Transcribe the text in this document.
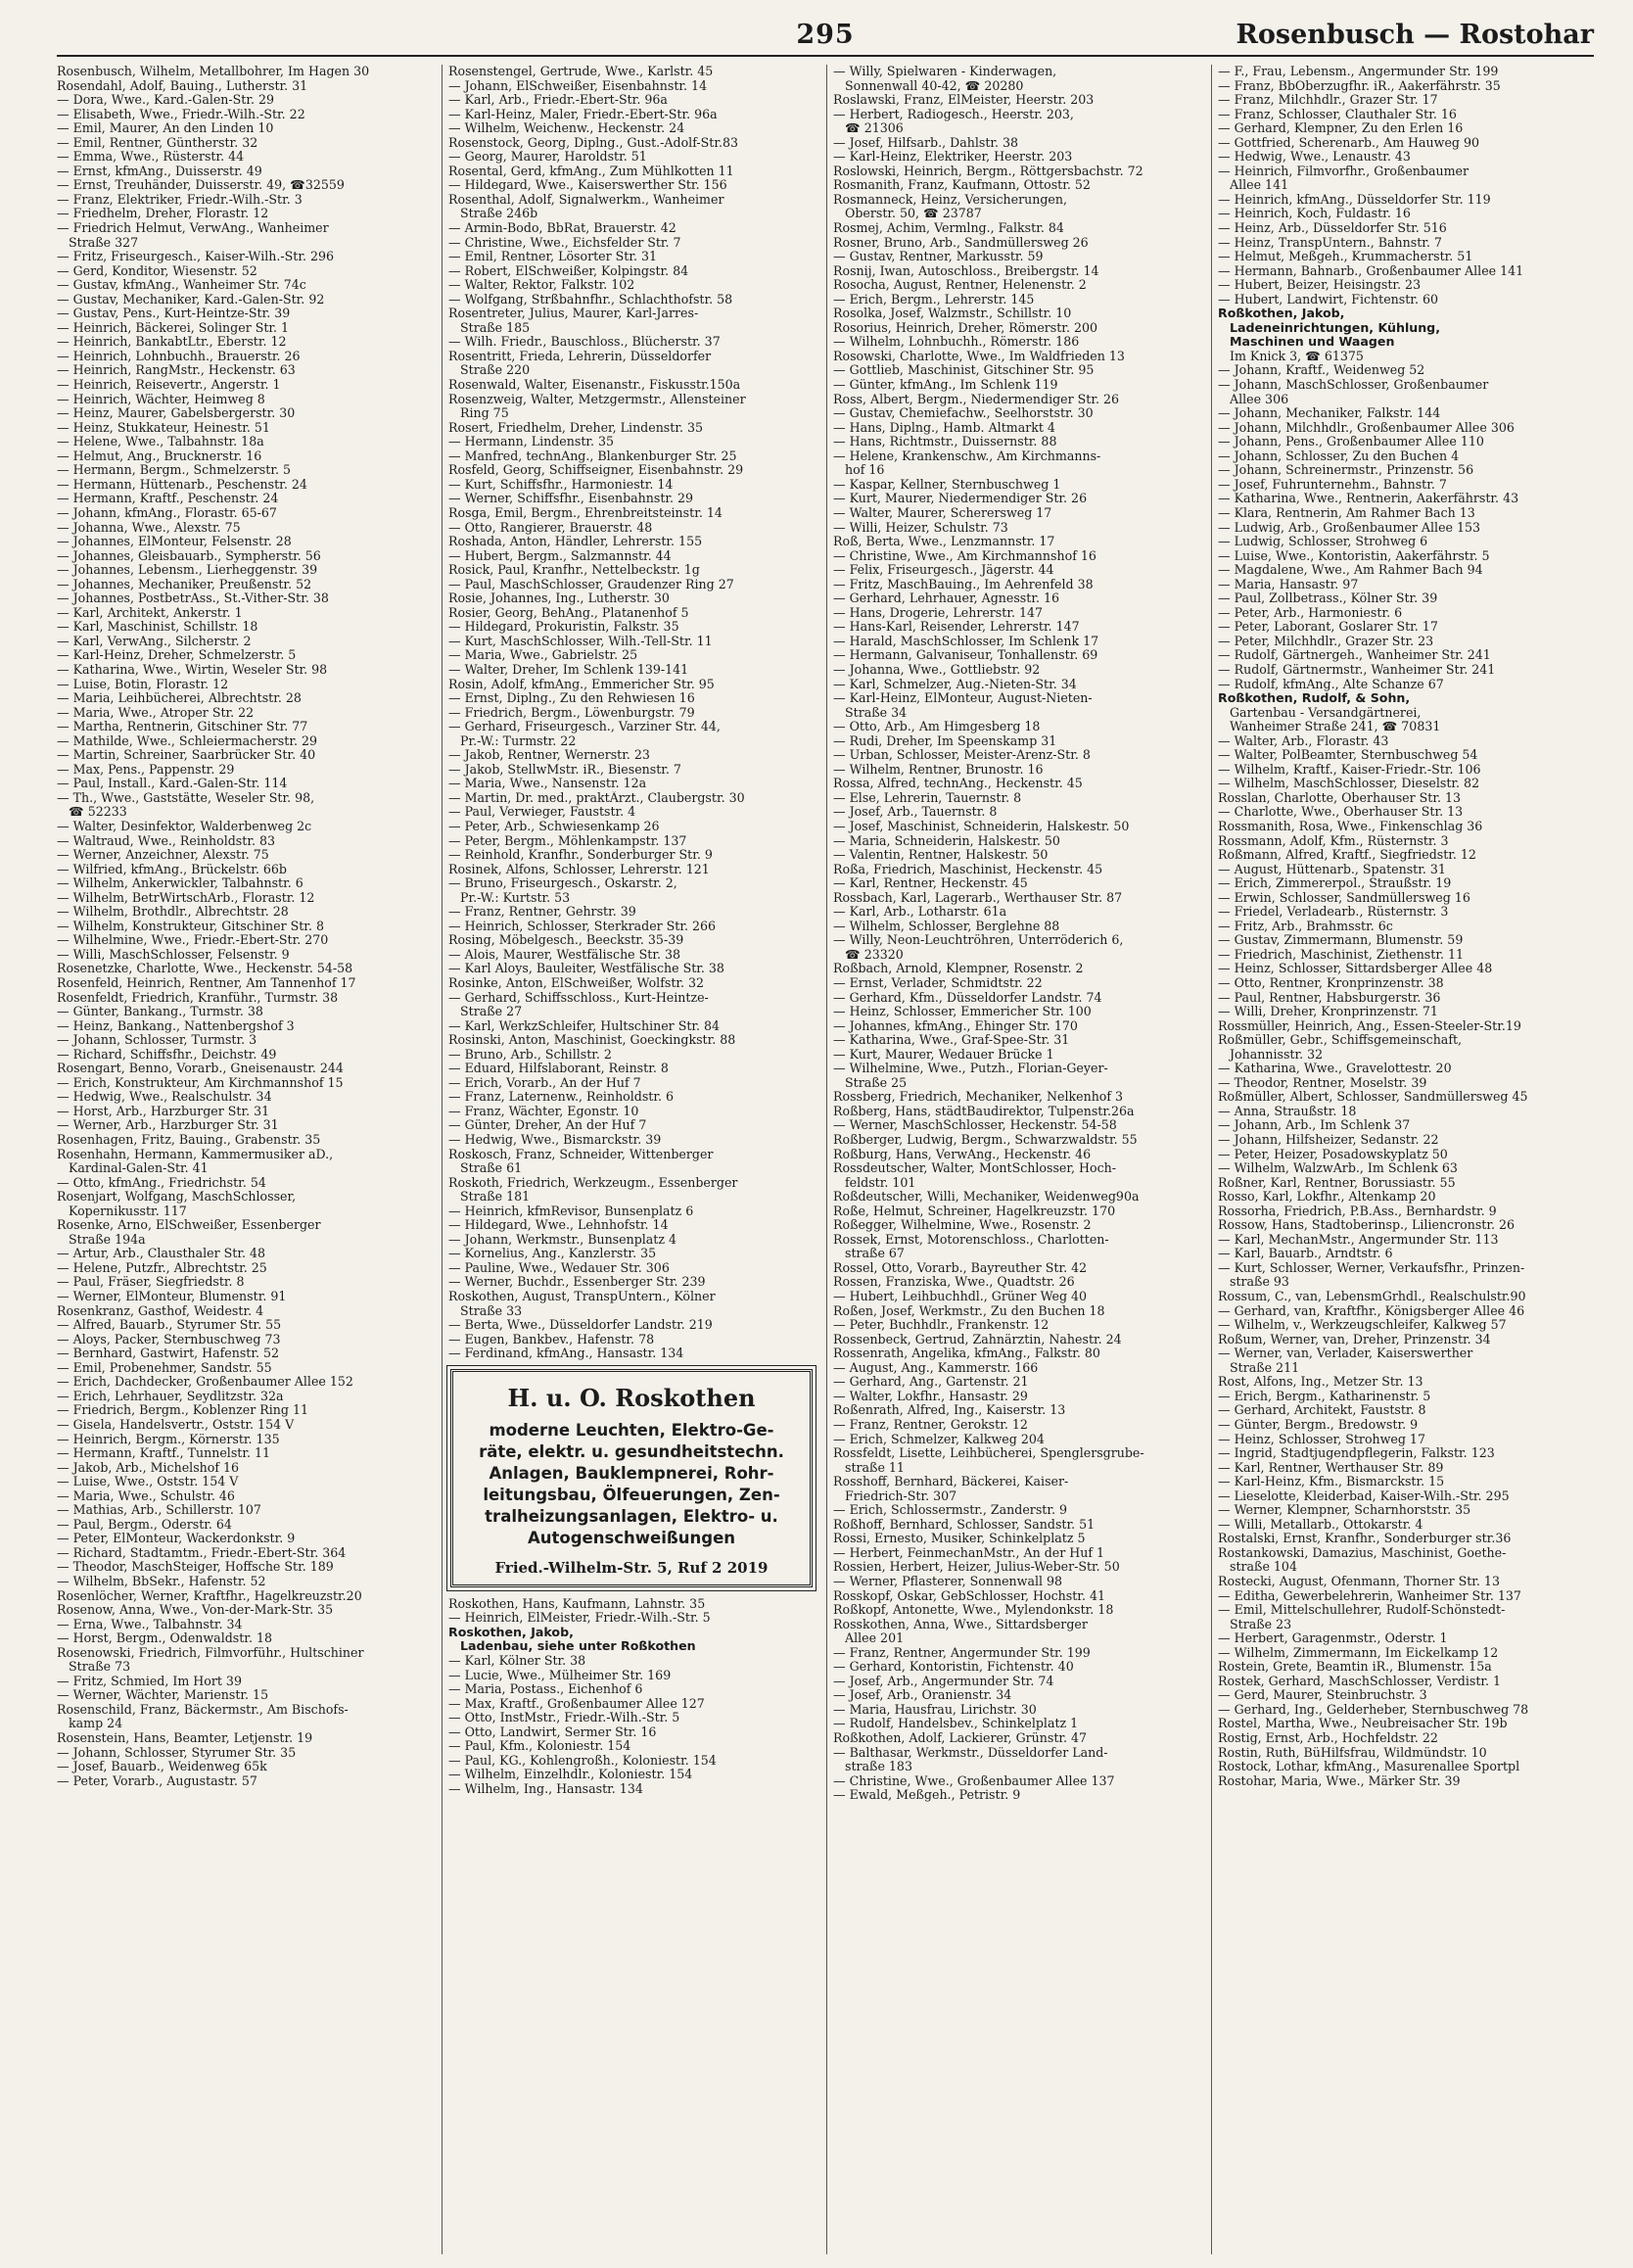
295	Rosenbusch — Rostohar
Rosenbusch, Wilhelm, Metallbohrer, Im Hagen 30
Rosendahl, Adolf, Bauing., Lutherstr. 31
— Dora, Wwe., Kard.-Galen-Str. 29
— Elisabeth, Wwe., Friedr.-Wilh.-Str. 22
— Emil, Maurer, An den Linden 10
— Emil, Rentner, Güntherstr. 32
— Emma, Wwe., Rüsterstr. 44
— Ernst, kfmAng., Duisserstr. 49
— Ernst, Treuhänder, Duisserstr. 49, ☎32559
— Franz, Elektriker, Friedr.-Wilh.-Str. 3
— Friedhelm, Dreher, Florastr. 12
— Friedrich Helmut, VerwAng., Wanheimer
Straße 327
— Fritz, Friseurgesch., Kaiser-Wilh.-Str. 296
— Gerd, Konditor, Wiesenstr. 52
— Gustav, kfmAng., Wanheimer Str. 74c
— Gustav, Mechaniker, Kard.-Galen-Str. 92
— Gustav, Pens., Kurt-Heintze-Str. 39
— Heinrich, Bäckerei, Solinger Str. 1
— Heinrich, BankabtLtr., Eberstr. 12
— Heinrich, Lohnbuchh., Brauerstr. 26
— Heinrich, RangMstr., Heckenstr. 63
— Heinrich, Reisevertr., Angerstr. 1
— Heinrich, Wächter, Heimweg 8
— Heinz, Maurer, Gabelsbergerstr. 30
— Heinz, Stukkateur, Heinestr. 51
— Helene, Wwe., Talbahnstr. 18a
— Helmut, Ang., Brucknerstr. 16
— Hermann, Bergm., Schmelzerstr. 5
— Hermann, Hüttenarb., Peschenstr. 24
— Hermann, Kraftf., Peschenstr. 24
— Johann, kfmAng., Florastr. 65-67
— Johanna, Wwe., Alexstr. 75
— Johannes, ElMonteur, Felsenstr. 28
— Johannes, Gleisbauarb., Sympherstr. 56
— Johannes, Lebensm., Lierheggenstr. 39
— Johannes, Mechaniker, Preußenstr. 52
— Johannes, PostbetrAss., St.-Vither-Str. 38
— Karl, Architekt, Ankerstr. 1
— Karl, Maschinist, Schillstr. 18
— Karl, VerwAng., Silcherstr. 2
— Karl-Heinz, Dreher, Schmelzerstr. 5
— Katharina, Wwe., Wirtin, Weseler Str. 98
— Luise, Botin, Florastr. 12
— Maria, Leihbücherei, Albrechtstr. 28
— Maria, Wwe., Atroper Str. 22
— Martha, Rentnerin, Gitschiner Str. 77
— Mathilde, Wwe., Schleiermacherstr. 29
— Martin, Schreiner, Saarbrücker Str. 40
— Max, Pens., Pappenstr. 29
— Paul, Install., Kard.-Galen-Str. 114
— Th., Wwe., Gaststätte, Weseler Str. 98,
☎ 52233
— Walter, Desinfektor, Walderbenweg 2c
— Waltraud, Wwe., Reinholdstr. 83
— Werner, Anzeichner, Alexstr. 75
— Wilfried, kfmAng., Brückelstr. 66b
— Wilhelm, Ankerwickler, Talbahnstr. 6
— Wilhelm, BetrWirtschArb., Florastr. 12
— Wilhelm, Brothdlr., Albrechtstr. 28
— Wilhelm, Konstrukteur, Gitschiner Str. 8
— Wilhelmine, Wwe., Friedr.-Ebert-Str. 270
— Willi, MaschSchlosser, Felsenstr. 9
Rosenetzke, Charlotte, Wwe., Heckenstr. 54-58
Rosenfeld, Heinrich, Rentner, Am Tannenhof 17
Rosenfeldt, Friedrich, Kranführ., Turmstr. 38
— Günter, Bankang., Turmstr. 38
— Heinz, Bankang., Nattenbergshof 3
— Johann, Schlosser, Turmstr. 3
— Richard, Schiffsfhr., Deichstr. 49
Rosengart, Benno, Vorarb., Gneisenaustr. 244
— Erich, Konstrukteur, Am Kirchmannshof 15
— Hedwig, Wwe., Realschulstr. 34
— Horst, Arb., Harzburger Str. 31
— Werner, Arb., Harzburger Str. 31
Rosenhagen, Fritz, Bauing., Grabenstr. 35
Rosenhahn, Hermann, Kammermusiker aD.,
Kardinal-Galen-Str. 41
— Otto, kfmAng., Friedrichstr. 54
Rosenjart, Wolfgang, MaschSchlosser,
Kopernikusstr. 117
Rosenke, Arno, ElSchweißer, Essenberger
Straße 194a
— Artur, Arb., Clausthaler Str. 48
— Helene, Putzfr., Albrechtstr. 25
— Paul, Fräser, Siegfriedstr. 8
— Werner, ElMonteur, Blumenstr. 91
Rosenkranz, Gasthof, Weidestr. 4
— Alfred, Bauarb., Styrumer Str. 55
— Aloys, Packer, Sternbuschweg 73
— Bernhard, Gastwirt, Hafenstr. 52
— Emil, Probenehmer, Sandstr. 55
— Erich, Dachdecker, Großenbaumer Allee 152
— Erich, Lehrhauer, Seydlitzstr. 32a
— Friedrich, Bergm., Koblenzer Ring 11
— Gisela, Handelsvertr., Oststr. 154 V
— Heinrich, Bergm., Körnerstr. 135
— Hermann, Kraftf., Tunnelstr. 11
— Jakob, Arb., Michelshof 16
— Luise, Wwe., Oststr. 154 V
— Maria, Wwe., Schulstr. 46
— Mathias, Arb., Schillerstr. 107
— Paul, Bergm., Oderstr. 64
— Peter, ElMonteur, Wackerdonkstr. 9
— Richard, Stadtamtm., Friedr.-Ebert-Str. 364
— Theodor, MaschSteiger, Hoffsche Str. 189
— Wilhelm, BbSekr., Hafenstr. 52
Rosenlöcher, Werner, Kraftfhr., Hagelkreuzstr.20
Rosenow, Anna, Wwe., Von-der-Mark-Str. 35
— Erna, Wwe., Talbahnstr. 34
— Horst, Bergm., Odenwaldstr. 18
Rosenowski, Friedrich, Filmvorführ., Hultschiner
Straße 73
— Fritz, Schmied, Im Hort 39
— Werner, Wächter, Marienstr. 15
Rosenschild, Franz, Bäckermstr., Am Bischofs-
kamp 24
Rosenstein, Hans, Beamter, Letjenstr. 19
— Johann, Schlosser, Styrumer Str. 35
— Josef, Bauarb., Weidenweg 65k
— Peter, Vorarb., Augustastr. 57
Rosenstengel, Gertrude, Wwe., Karlstr. 45
— Johann, ElSchweißer, Eisenbahnstr. 14
— Karl, Arb., Friedr.-Ebert-Str. 96a
— Karl-Heinz, Maler, Friedr.-Ebert-Str. 96a
— Wilhelm, Weichenw., Heckenstr. 24
Rosenstock, Georg, Diplng., Gust.-Adolf-Str.83
— Georg, Maurer, Haroldstr. 51
Rosental, Gerd, kfmAng., Zum Mühlkotten 11
— Hildegard, Wwe., Kaiserswerther Str. 156
Rosenthal, Adolf, Signalwerkm., Wanheimer
Straße 246b
— Armin-Bodo, BbRat, Brauerstr. 42
— Christine, Wwe., Eichsfelder Str. 7
— Emil, Rentner, Lösorter Str. 31
— Robert, ElSchweißer, Kolpingstr. 84
— Walter, Rektor, Falkstr. 102
— Wolfgang, Strßbahnfhr., Schlachthofstr. 58
Rosentreter, Julius, Maurer, Karl-Jarres-
Straße 185
— Wilh. Friedr., Bauschloss., Blücherstr. 37
Rosentritt, Frieda, Lehrerin, Düsseldorfer
Straße 220
Rosenwald, Walter, Eisenanstr., Fiskusstr.150a
Rosenzweig, Walter, Metzgermstr., Allensteiner
Ring 75
Rosert, Friedhelm, Dreher, Lindenstr. 35
— Hermann, Lindenstr. 35
— Manfred, technAng., Blankenburger Str. 25
Rosfeld, Georg, Schiffseigner, Eisenbahnstr. 29
— Kurt, Schiffsfhr., Harmoniestr. 14
— Werner, Schiffsfhr., Eisenbahnstr. 29
Rosga, Emil, Bergm., Ehrenbreitsteinstr. 14
— Otto, Rangierer, Brauerstr. 48
Roshada, Anton, Händler, Lehrerstr. 155
— Hubert, Bergm., Salzmannstr. 44
Rosick, Paul, Kranfhr., Nettelbeckstr. 1g
— Paul, MaschSchlosser, Graudenzer Ring 27
Rosie, Johannes, Ing., Lutherstr. 30
Rosier, Georg, BehAng., Platanenhof 5
— Hildegard, Prokuristin, Falkstr. 35
— Kurt, MaschSchlosser, Wilh.-Tell-Str. 11
— Maria, Wwe., Gabrielstr. 25
— Walter, Dreher, Im Schlenk 139-141
Rosin, Adolf, kfmAng., Emmericher Str. 95
— Ernst, Diplng., Zu den Rehwiesen 16
— Friedrich, Bergm., Löwenburgstr. 79
— Gerhard, Friseurgesch., Varziner Str. 44,
Pr.-W.: Turmstr. 22
— Jakob, Rentner, Wernerstr. 23
— Jakob, StellwMstr. iR., Biesenstr. 7
— Maria, Wwe., Nansenstr. 12a
— Martin, Dr. med., praktÄrzt., Claubergstr. 30
— Paul, Verwieger, Fauststr. 4
— Peter, Arb., Schwiesenkamp 26
— Peter, Bergm., Möhlenkampstr. 137
— Reinhold, Kranfhr., Sonderburger Str. 9
Rosinek, Alfons, Schlosser, Lehrerstr. 121
— Bruno, Friseurgesch., Oskarstr. 2,
Pr.-W.: Kurtstr. 53
— Franz, Rentner, Gehrstr. 39
— Heinrich, Schlosser, Sterkrader Str. 266
Rosing, Möbelgesch., Beeckstr. 35-39
— Alois, Maurer, Westfälische Str. 38
— Karl Aloys, Bauleiter, Westfälische Str. 38
Rosinke, Anton, ElSchweißer, Wolfstr. 32
— Gerhard, Schiffsschloss., Kurt-Heintze-
Straße 27
— Karl, WerkzSchleifer, Hultschiner Str. 84
Rosinski, Anton, Maschinist, Goeckingkstr. 88
— Bruno, Arb., Schillstr. 2
— Eduard, Hilfslaborant, Reinstr. 8
— Erich, Vorarb., An der Huf 7
— Franz, Laternenw., Reinholdstr. 6
— Franz, Wächter, Egonstr. 10
— Günter, Dreher, An der Huf 7
— Hedwig, Wwe., Bismarckstr. 39
Roskosch, Franz, Schneider, Wittenberger
Straße 61
Roskoth, Friedrich, Werkzeugm., Essenberger
Straße 181
— Heinrich, kfmRevisor, Bunsenplatz 6
— Hildegard, Wwe., Lehnhofstr. 14
— Johann, Werkmstr., Bunsenplatz 4
— Kornelius, Ang., Kanzlerstr. 35
— Pauline, Wwe., Wedauer Str. 306
— Werner, Buchdr., Essenberger Str. 239
Roskothen, August, TranspUntern., Kölner
Straße 33
— Berta, Wwe., Düsseldorfer Landstr. 219
— Eugen, Bankbev., Hafenstr. 78
— Ferdinand, kfmAng., Hansastr. 134
H. u. O. Roskothen
moderne Leuchten, Elektro-Ge-
räte, elektr. u. gesundheitstechn.
Anlagen, Bauklempnerei, Rohr-
leitungsbau, Ölfeuerungen, Zen-
tralheizungsanlagen, Elektro- u.
Autogenschweißungen
Fried.-Wilhelm-Str. 5, Ruf 2 2019
Roskothen, Hans, Kaufmann, Lahnstr. 35
— Heinrich, ElMeister, Friedr.-Wilh.-Str. 5
Roskothen, Jakob,
Ladenbau, siehe unter Roßkothen
— Karl, Kölner Str. 38
— Lucie, Wwe., Mülheimer Str. 169
— Maria, Postass., Eichenhof 6
— Max, Kraftf., Großenbaumer Allee 127
— Otto, InstMstr., Friedr.-Wilh.-Str. 5
— Otto, Landwirt, Sermer Str. 16
— Paul, Kfm., Koloniestr. 154
— Paul, KG., Kohlengroßh., Koloniestr. 154
— Wilhelm, Einzelhdlr., Koloniestr. 154
— Wilhelm, Ing., Hansastr. 134
— Willy, Spielwaren - Kinderwagen,
Sonnenwall 40-42, ☎ 20280
Roslawski, Franz, ElMeister, Heerstr. 203
— Herbert, Radiogesch., Heerstr. 203,
☎ 21306
— Josef, Hilfsarb., Dahlstr. 38
— Karl-Heinz, Elektriker, Heerstr. 203
Roslowski, Heinrich, Bergm., Röttgersbachstr. 72
Rosmanith, Franz, Kaufmann, Ottostr. 52
Rosmanneck, Heinz, Versicherungen,
Oberstr. 50, ☎ 23787
Rosmej, Achim, Vermlng., Falkstr. 84
Rosner, Bruno, Arb., Sandmüllersweg 26
— Gustav, Rentner, Markusstr. 59
Rosnij, Iwan, Autoschloss., Breibergstr. 14
Rosocha, August, Rentner, Helenenstr. 2
— Erich, Bergm., Lehrerstr. 145
Rosolka, Josef, Walzmstr., Schillstr. 10
Rosorius, Heinrich, Dreher, Römerstr. 200
— Wilhelm, Lohnbuchh., Römerstr. 186
Rosowski, Charlotte, Wwe., Im Waldfrieden 13
— Gottlieb, Maschinist, Gitschiner Str. 95
— Günter, kfmAng., Im Schlenk 119
Ross, Albert, Bergm., Niedermendiger Str. 26
— Gustav, Chemiefachw., Seelhorststr. 30
— Hans, Diplng., Hamb. Altmarkt 4
— Hans, Richtmstr., Duissernstr. 88
— Helene, Krankenschw., Am Kirchmanns-
hof 16
— Kaspar, Kellner, Sternbuschweg 1
— Kurt, Maurer, Niedermendiger Str. 26
— Walter, Maurer, Scherersweg 17
— Willi, Heizer, Schulstr. 73
Roß, Berta, Wwe., Lenzmannstr. 17
— Christine, Wwe., Am Kirchmannshof 16
— Felix, Friseurgesch., Jägerstr. 44
— Fritz, MaschBauing., Im Aehrenfeld 38
— Gerhard, Lehrhauer, Agnesstr. 16
— Hans, Drogerie, Lehrerstr. 147
— Hans-Karl, Reisender, Lehrerstr. 147
— Harald, MaschSchlosser, Im Schlenk 17
— Hermann, Galvaniseur, Tonhallenstr. 69
— Johanna, Wwe., Gottliebstr. 92
— Karl, Schmelzer, Aug.-Nieten-Str. 34
— Karl-Heinz, ElMonteur, August-Nieten-
Straße 34
— Otto, Arb., Am Himgesberg 18
— Rudi, Dreher, Im Speenskamp 31
— Urban, Schlosser, Meister-Arenz-Str. 8
— Wilhelm, Rentner, Brunostr. 16
Rossa, Alfred, technAng., Heckenstr. 45
— Else, Lehrerin, Tauernstr. 8
— Josef, Arb., Tauernstr. 8
— Josef, Maschinist, Schneiderin, Halskestr. 50
— Maria, Schneiderin, Halskestr. 50
— Valentin, Rentner, Halskestr. 50
Roßa, Friedrich, Maschinist, Heckenstr. 45
— Karl, Rentner, Heckenstr. 45
Rossbach, Karl, Lagerarb., Werthauser Str. 87
— Karl, Arb., Lotharstr. 61a
— Wilhelm, Schlosser, Berglehne 88
— Willy, Neon-Leuchtröhren, Unterröderich 6,
☎ 23320
Roßbach, Arnold, Klempner, Rosenstr. 2
— Ernst, Verlader, Schmidtstr. 22
— Gerhard, Kfm., Düsseldorfer Landstr. 74
— Heinz, Schlosser, Emmericher Str. 100
— Johannes, kfmAng., Ehinger Str. 170
— Katharina, Wwe., Graf-Spee-Str. 31
— Kurt, Maurer, Wedauer Brücke 1
— Wilhelmine, Wwe., Putzh., Florian-Geyer-
Straße 25
Rossberg, Friedrich, Mechaniker, Nelkenhof 3
Roßberg, Hans, städtBaudirektor, Tulpenstr.26a
— Werner, MaschSchlosser, Heckenstr. 54-58
Roßberger, Ludwig, Bergm., Schwarzwaldstr. 55
Roßburg, Hans, VerwAng., Heckenstr. 46
Rossdeutscher, Walter, MontSchlosser, Hoch-
feldstr. 101
Roßdeutscher, Willi, Mechaniker, Weidenweg90a
Roße, Helmut, Schreiner, Hagelkreuzstr. 170
Roßegger, Wilhelmine, Wwe., Rosenstr. 2
Rossek, Ernst, Motorenschloss., Charlotten-
straße 67
Rossel, Otto, Vorarb., Bayreuther Str. 42
Rossen, Franziska, Wwe., Quadtstr. 26
— Hubert, Leihbuchhdl., Grüner Weg 40
Roßen, Josef, Werkmstr., Zu den Buchen 18
— Peter, Buchhdlr., Frankenstr. 12
Rossenbeck, Gertrud, Zahnärztin, Nahestr. 24
Rossenrath, Angelika, kfmAng., Falkstr. 80
— August, Ang., Kammerstr. 166
— Gerhard, Ang., Gartenstr. 21
— Walter, Lokfhr., Hansastr. 29
Roßenrath, Alfred, Ing., Kaiserstr. 13
— Franz, Rentner, Gerokstr. 12
— Erich, Schmelzer, Kalkweg 204
Rossfeldt, Lisette, Leihbücherei, Spenglersgrube-
straße 11
Rosshoff, Bernhard, Bäckerei, Kaiser-
Friedrich-Str. 307
— Erich, Schlossermstr., Zanderstr. 9
Roßhoff, Bernhard, Schlosser, Sandstr. 51
Rossi, Ernesto, Musiker, Schinkelplatz 5
— Herbert, FeinmechanMstr., An der Huf 1
Rossien, Herbert, Heizer, Julius-Weber-Str. 50
— Werner, Pflasterer, Sonnenwall 98
Rosskopf, Oskar, GebSchlosser, Hochstr. 41
Roßkopf, Antonette, Wwe., Mylendonkstr. 18
Rosskothen, Anna, Wwe., Sittardsberger
Allee 201
— Franz, Rentner, Angermunder Str. 199
— Gerhard, Kontoristin, Fichtenstr. 40
— Josef, Arb., Angermunder Str. 74
— Josef, Arb., Oranienstr. 34
— Maria, Hausfrau, Lirichstr. 30
— Rudolf, Handelsbev., Schinkelplatz 1
Roßkothen, Adolf, Lackierer, Grünstr. 47
— Balthasar, Werkmstr., Düsseldorfer Land-
straße 183
— Christine, Wwe., Großenbaumer Allee 137
— Ewald, Meßgeh., Petristr. 9
— F., Frau, Lebensm., Angermunder Str. 199
— Franz, BbOberzugfhr. iR., Aakerfährstr. 35
— Franz, Milchhdlr., Grazer Str. 17
— Franz, Schlosser, Clauthaler Str. 16
— Gerhard, Klempner, Zu den Erlen 16
— Gottfried, Scherenarb., Am Hauweg 90
— Hedwig, Wwe., Lenaustr. 43
— Heinrich, Filmvorfhr., Großenbaumer
Allee 141
— Heinrich, kfmAng., Düsseldorfer Str. 119
— Heinrich, Koch, Fuldastr. 16
— Heinz, Arb., Düsseldorfer Str. 516
— Heinz, TranspUntern., Bahnstr. 7
— Helmut, Meßgeh., Krummacherstr. 51
— Hermann, Bahnarb., Großenbaumer Allee 141
— Hubert, Beizer, Heisingstr. 23
— Hubert, Landwirt, Fichtenstr. 60
Roßkothen, Jakob,
Ladeneinrichtungen, Kühlung,
Maschinen und Waagen
Im Knick 3, ☎ 61375
— Johann, Kraftf., Weidenweg 52
— Johann, MaschSchlosser, Großenbaumer
Allee 306
— Johann, Mechaniker, Falkstr. 144
— Johann, Milchhdlr., Großenbaumer Allee 306
— Johann, Pens., Großenbaumer Allee 110
— Johann, Schlosser, Zu den Buchen 4
— Johann, Schreinermstr., Prinzenstr. 56
— Josef, Fuhrunternehm., Bahnstr. 7
— Katharina, Wwe., Rentnerin, Aakerfährstr. 43
— Klara, Rentnerin, Am Rahmer Bach 13
— Ludwig, Arb., Großenbaumer Allee 153
— Ludwig, Schlosser, Strohweg 6
— Luise, Wwe., Kontoristin, Aakerfährstr. 5
— Magdalene, Wwe., Am Rahmer Bach 94
— Maria, Hansastr. 97
— Paul, Zollbetrass., Kölner Str. 39
— Peter, Arb., Harmoniestr. 6
— Peter, Laborant, Goslarer Str. 17
— Peter, Milchhdlr., Grazer Str. 23
— Rudolf, Gärtnergeh., Wanheimer Str. 241
— Rudolf, Gärtnermstr., Wanheimer Str. 241
— Rudolf, kfmAng., Alte Schanze 67
Roßkothen, Rudolf, & Sohn,
Gartenbau - Versandgärtnerei,
Wanheimer Straße 241, ☎ 70831
— Walter, Arb., Florastr. 43
— Walter, PolBeamter, Sternbuschweg 54
— Wilhelm, Kraftf., Kaiser-Friedr.-Str. 106
— Wilhelm, MaschSchlosser, Dieselstr. 82
Rosslan, Charlotte, Oberhauser Str. 13
— Charlotte, Wwe., Oberhauser Str. 13
Rossmanith, Rosa, Wwe., Finkenschlag 36
Rossmann, Adolf, Kfm., Rüsternstr. 3
Roßmann, Alfred, Kraftf., Siegfriedstr. 12
— August, Hüttenarb., Spatenstr. 31
— Erich, Zimmererpol., Straußstr. 19
— Erwin, Schlosser, Sandmüllersweg 16
— Friedel, Verladearb., Rüsternstr. 3
— Fritz, Arb., Brahmsstr. 6c
— Gustav, Zimmermann, Blumenstr. 59
— Friedrich, Maschinist, Ziethenstr. 11
— Heinz, Schlosser, Sittardsberger Allee 48
— Otto, Rentner, Kronprinzenstr. 38
— Paul, Rentner, Habsburgerstr. 36
— Willi, Dreher, Kronprinzenstr. 71
Rossmüller, Heinrich, Ang., Essen-Steeler-Str.19
Roßmüller, Gebr., Schiffsgemeinschaft,
Johannisstr. 32
— Katharina, Wwe., Gravelottestr. 20
— Theodor, Rentner, Moselstr. 39
Roßmüller, Albert, Schlosser, Sandmüllersweg 45
— Anna, Straußstr. 18
— Johann, Arb., Im Schlenk 37
— Johann, Hilfsheizer, Sedanstr. 22
— Peter, Heizer, Posadowskyplatz 50
— Wilhelm, WalzwArb., Im Schlenk 63
Roßner, Karl, Rentner, Borussiastr. 55
Rosso, Karl, Lokfhr., Altenkamp 20
Rossorha, Friedrich, P.B.Ass., Bernhardstr. 9
Rossow, Hans, Stadtoberinsp., Liliencronstr. 26
— Karl, MechanMstr., Angermunder Str. 113
— Karl, Bauarb., Arndtstr. 6
— Kurt, Schlosser, Werner, Verkaufsfhr., Prinzen-
straße 93
Rossum, C., van, LebensmGrhdl., Realschulstr.90
— Gerhard, van, Kraftfhr., Königsberger Allee 46
— Wilhelm, v., Werkzeugschleifer, Kalkweg 57
Roßum, Werner, van, Dreher, Prinzenstr. 34
— Werner, van, Verlader, Kaiserswerther
Straße 211
Rost, Alfons, Ing., Metzer Str. 13
— Erich, Bergm., Katharinenstr. 5
— Gerhard, Architekt, Fauststr. 8
— Günter, Bergm., Bredowstr. 9
— Heinz, Schlosser, Strohweg 17
— Ingrid, Stadtjugendpflegerin, Falkstr. 123
— Karl, Rentner, Werthauser Str. 89
— Karl-Heinz, Kfm., Bismarckstr. 15
— Lieselotte, Kleiderbad, Kaiser-Wilh.-Str. 295
— Werner, Klempner, Scharnhorststr. 35
— Willi, Metallarb., Ottokarstr. 4
Rostalski, Ernst, Kranfhr., Sonderburger str.36
Rostankowski, Damazius, Maschinist, Goethe-
straße 104
Rostecki, August, Ofenmann, Thorner Str. 13
— Editha, Gewerbelehrerin, Wanheimer Str. 137
— Emil, Mittelschullehrer, Rudolf-Schönstedt-
Straße 23
— Herbert, Garagenmstr., Oderstr. 1
— Wilhelm, Zimmermann, Im Eickelkamp 12
Rostein, Grete, Beamtin iR., Blumenstr. 15a
Rostek, Gerhard, MaschSchlosser, Verdistr. 1
— Gerd, Maurer, Steinbruchstr. 3
— Gerhard, Ing., Gelderheber, Sternbuschweg 78
Rostel, Martha, Wwe., Neubreisacher Str. 19b
Rostig, Ernst, Arb., Hochfeldstr. 22
Rostin, Ruth, BüHilfsfrau, Wildmündstr. 10
Rostock, Lothar, kfmAng., Masurenallee Sportpl
Rostohar, Maria, Wwe., Märker Str. 39
